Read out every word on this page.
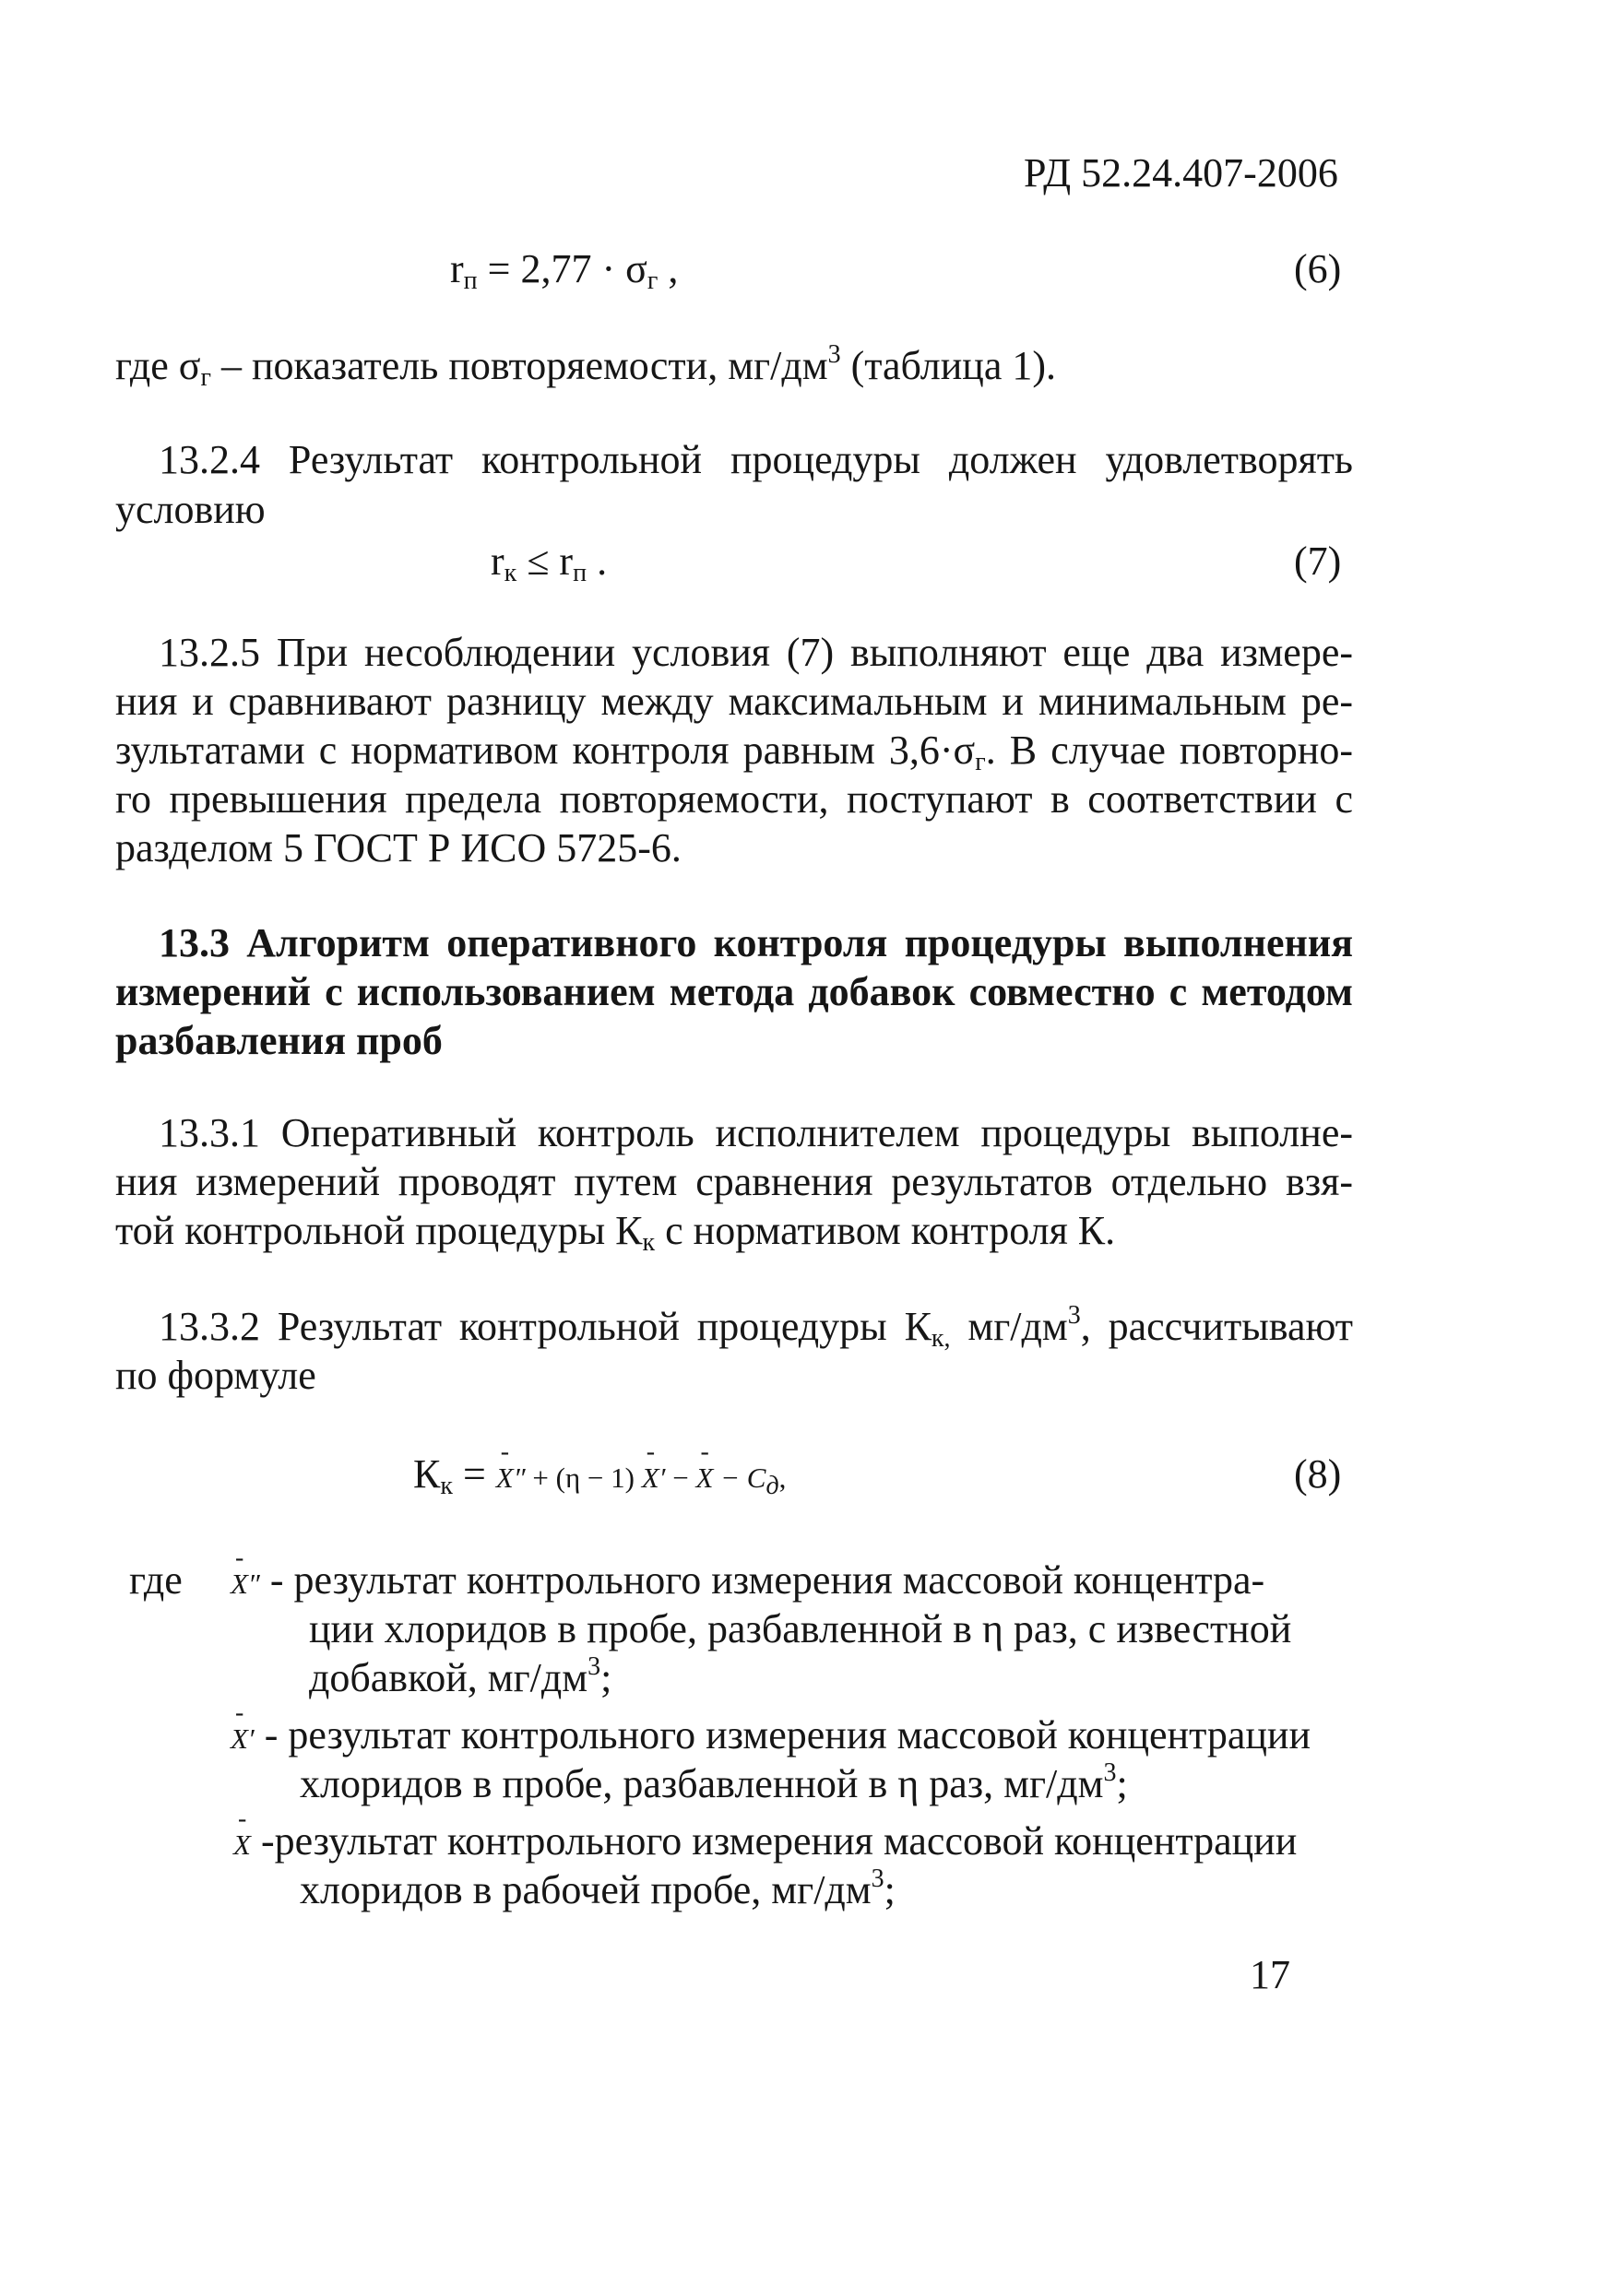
РД 52.24.407-2006
$r_п = 2,77 \cdot \sigma_г$ ,	(6)
где $\sigma_г$ – показатель повторяемости, $мг/дм^3$ (таблица 1).
13.2.4 Результат контрольной процедуры должен удовлетворять
условию
$r_к \le r_п$ .	(7)
13.2.5 При несоблюдении условия (7) выполняют еще два измере-
ния и сравнивают разницу между максимальным и минимальным ре-
зультатами с нормативом контроля равным $3,6\cdot\sigma_г$. В случае повторно-
го превышения предела повторяемости, поступают в соответствии с
разделом 5 ГОСТ Р ИСО 5725-6.
13.3 Алгоритм оперативного контроля процедуры выполнения
измерений с использованием метода добавок совместно с методом
разбавления проб
13.3.1 Оперативный контроль исполнителем процедуры выполне-
ния измерений проводят путем сравнения результатов отдельно взя-
той контрольной процедуры $К_к$ с нормативом контроля К.
13.3.2 Результат контрольной процедуры $К_{к,}$ $мг/дм^3$, рассчитывают
по формуле
$К_к$ = - X″ + (η − 1) - X′ − - $X - C_д$,	(8)
где - X″ - результат контрольного измерения массовой концентра-
ции хлоридов в пробе, разбавленной в η раз, с известной
добавкой, $мг/дм^3$;
- X′ - результат контрольного измерения массовой концентрации
хлоридов в пробе, разбавленной в η раз, $мг/дм^3$;
- X -результат контрольного измерения массовой концентрации
хлоридов в рабочей пробе, $мг/дм^3$;
17
